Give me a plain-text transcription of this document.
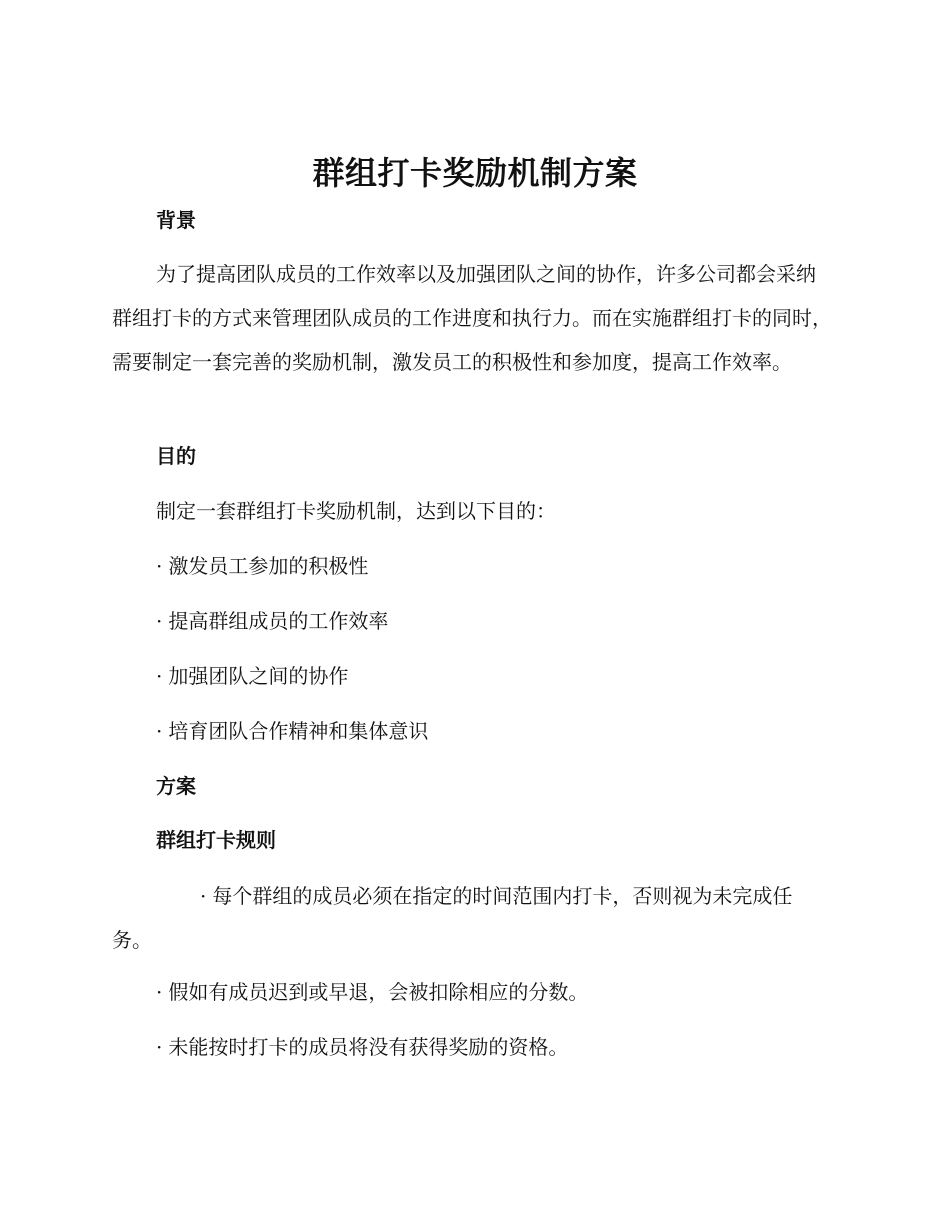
群组打卡奖励机制方案
背景

为了提高团队成员的工作效率以及加强团队之间的协作，许多公司都会采纳群组打卡的方式来管理团队成员的工作进度和执行力。而在实施群组打卡的同时，需要制定一套完善的奖励机制，激发员工的积极性和参加度，提高工作效率。

目的

制定一套群组打卡奖励机制，达到以下目的：

· 激发员工参加的积极性

· 提高群组成员的工作效率

· 加强团队之间的协作

· 培育团队合作精神和集体意识

方案
群组打卡规则

· 每个群组的成员必须在指定的时间范围内打卡，否则视为未完成任务。

· 假如有成员迟到或早退，会被扣除相应的分数。

· 未能按时打卡的成员将没有获得奖励的资格。
